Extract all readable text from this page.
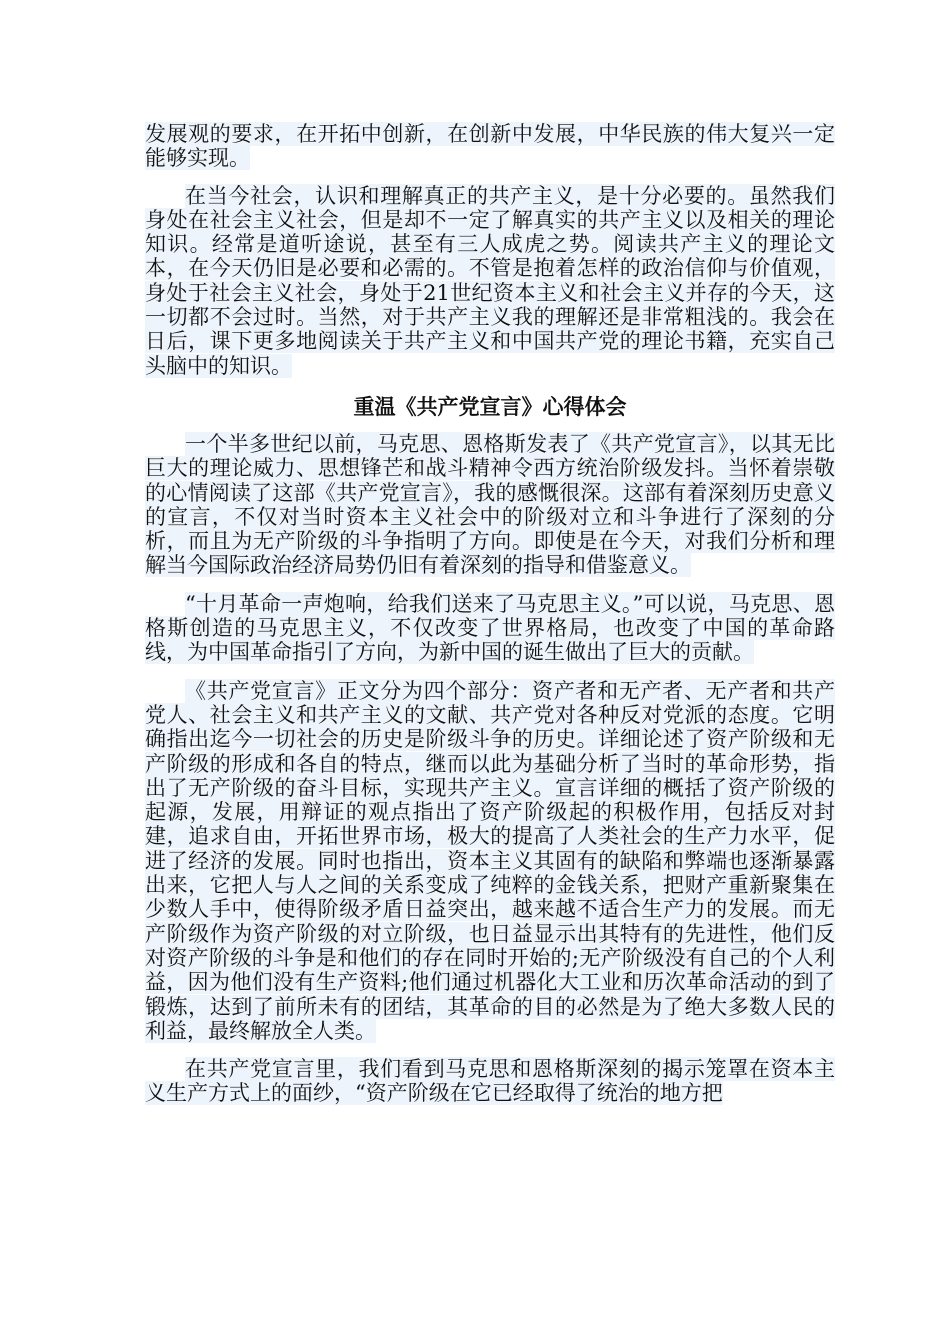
发展观的要求，在开拓中创新，在创新中发展，中华民族的伟大复兴一定能够实现。

在当今社会，认识和理解真正的共产主义，是十分必要的。虽然我们身处在社会主义社会，但是却不一定了解真实的共产主义以及相关的理论知识。经常是道听途说，甚至有三人成虎之势。阅读共产主义的理论文本，在今天仍旧是必要和必需的。不管是抱着怎样的政治信仰与价值观，身处于社会主义社会，身处于21世纪资本主义和社会主义并存的今天，这一切都不会过时。当然，对于共产主义我的理解还是非常粗浅的。我会在日后，课下更多地阅读关于共产主义和中国共产党的理论书籍，充实自己头脑中的知识。

重温《共产党宣言》心得体会

一个半多世纪以前，马克思、恩格斯发表了《共产党宣言》，以其无比巨大的理论威力、思想锋芒和战斗精神令西方统治阶级发抖。当怀着崇敬的心情阅读了这部《共产党宣言》，我的感慨很深。这部有着深刻历史意义的宣言，不仅对当时资本主义社会中的阶级对立和斗争进行了深刻的分析，而且为无产阶级的斗争指明了方向。即使是在今天，对我们分析和理解当今国际政治经济局势仍旧有着深刻的指导和借鉴意义。

“十月革命一声炮响，给我们送来了马克思主义。”可以说，马克思、恩格斯创造的马克思主义，不仅改变了世界格局，也改变了中国的革命路线，为中国革命指引了方向，为新中国的诞生做出了巨大的贡献。

《共产党宣言》正文分为四个部分：资产者和无产者、无产者和共产党人、社会主义和共产主义的文献、共产党对各种反对党派的态度。它明确指出迄今一切社会的历史是阶级斗争的历史。详细论述了资产阶级和无产阶级的形成和各自的特点，继而以此为基础分析了当时的革命形势，指出了无产阶级的奋斗目标，实现共产主义。宣言详细的概括了资产阶级的起源，发展，用辩证的观点指出了资产阶级起的积极作用，包括反对封建，追求自由，开拓世界市场，极大的提高了人类社会的生产力水平，促进了经济的发展。同时也指出，资本主义其固有的缺陷和弊端也逐渐暴露出来，它把人与人之间的关系变成了纯粹的金钱关系，把财产重新聚集在少数人手中，使得阶级矛盾日益突出，越来越不适合生产力的发展。而无产阶级作为资产阶级的对立阶级，也日益显示出其特有的先进性，他们反对资产阶级的斗争是和他们的存在同时开始的;无产阶级没有自己的个人利益，因为他们没有生产资料;他们通过机器化大工业和历次革命活动的到了锻炼，达到了前所未有的团结，其革命的目的必然是为了绝大多数人民的利益，最终解放全人类。

在共产党宣言里，我们看到马克思和恩格斯深刻的揭示笼罩在资本主义生产方式上的面纱，“资产阶级在它已经取得了统治的地方把
